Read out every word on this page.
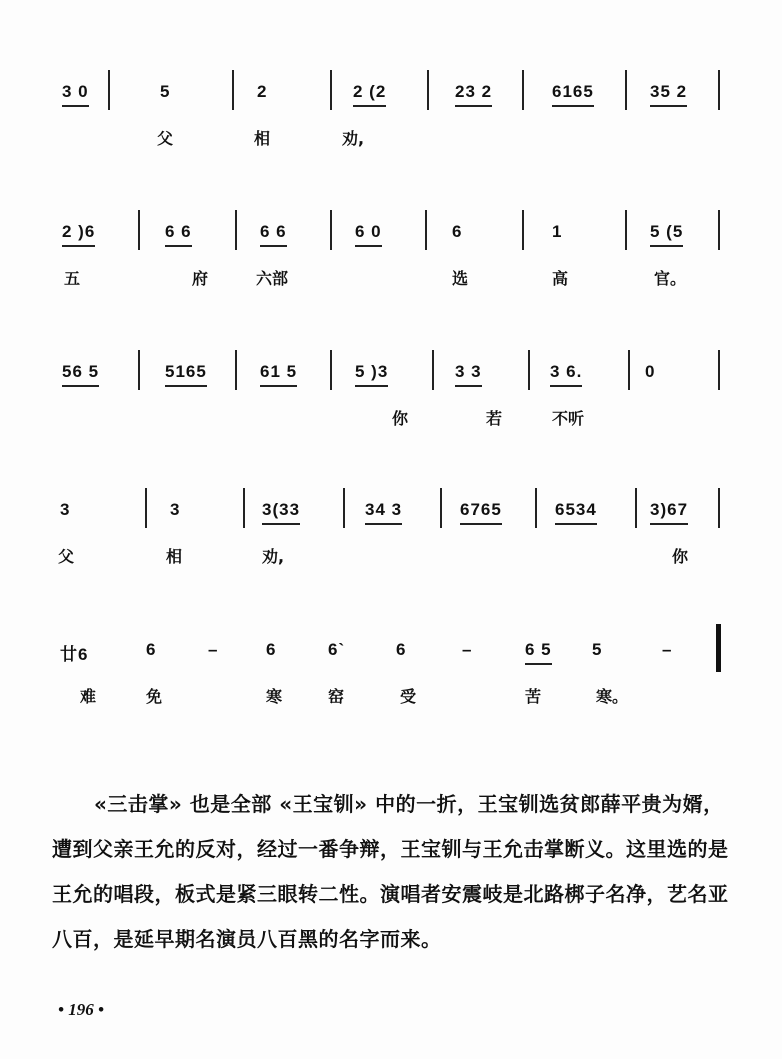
3 0	5	2	2 (2	23 2	6165	35 2
父	相	劝,
2 )6	6 6	6 6	6 0	6	1	5 (5
五	府	六部	选	高	官。
56 5	5165	61 5	5 )3	3 3	3 6.	0
你	若	不听
3	3	3(33	34 3	6765	6534	3)67
父	相	劝,	你
廿6	6	–	6	6`	6	–	6 5 5	–
难	免	寒	窑	受	苦	寒。
«三击掌» 也是全部 «王宝钏» 中的一折，王宝钏选贫郎薛平贵为婿，遭到父亲王允的反对，经过一番争辩，王宝钏与王允击掌断义。这里选的是王允的唱段，板式是紧三眼转二性。演唱者安震岐是北路梆子名净，艺名亚八百，是延早期名演员八百黑的名字而来。
• 196 •
